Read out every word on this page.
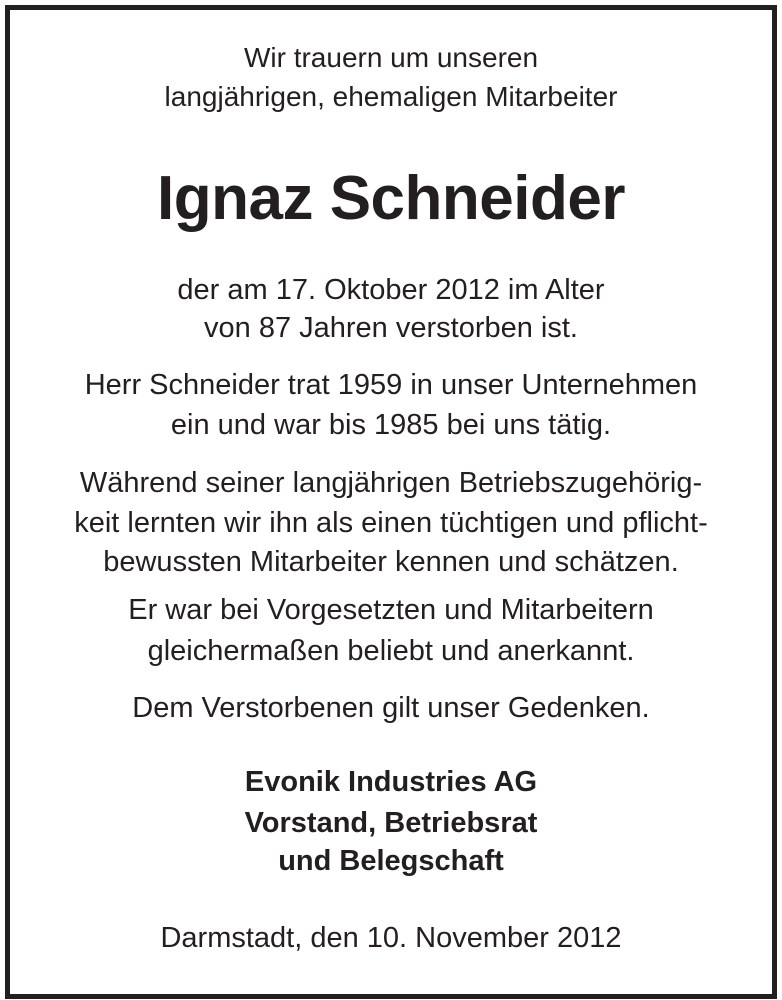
Wir trauern um unseren
langjährigen, ehemaligen Mitarbeiter
Ignaz Schneider
der am 17. Oktober 2012 im Alter
von 87 Jahren verstorben ist.
Herr Schneider trat 1959 in unser Unternehmen
ein und war bis 1985 bei uns tätig.
Während seiner langjährigen Betriebszugehörig-
keit lernten wir ihn als einen tüchtigen und pflicht-
bewussten Mitarbeiter kennen und schätzen.
Er war bei Vorgesetzten und Mitarbeitern
gleichermaßen beliebt und anerkannt.
Dem Verstorbenen gilt unser Gedenken.
Evonik Industries AG
Vorstand, Betriebsrat
und Belegschaft
Darmstadt, den 10. November 2012
